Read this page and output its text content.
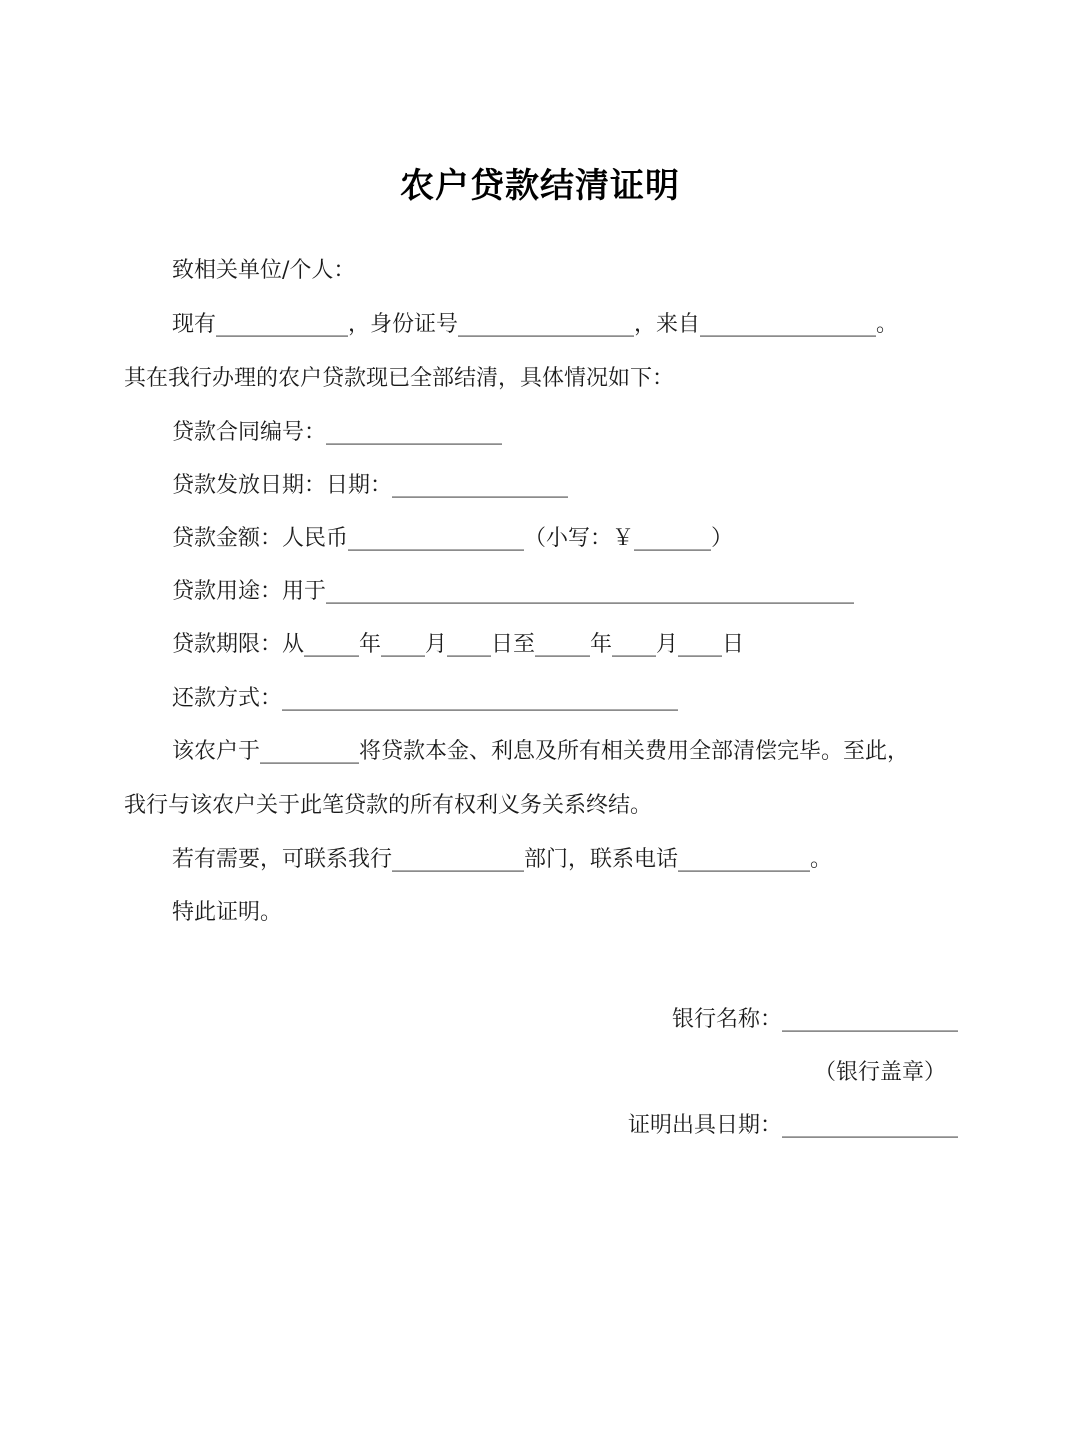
农户贷款结清证明
致相关单位/个人：
现有____________，身份证号________________，来自________________。
其在我行办理的农户贷款现已全部结清，具体情况如下：
贷款合同编号：________________
贷款发放日期：日期：________________
贷款金额：人民币________________（小写：￥_______）
贷款用途：用于________________________________________________
贷款期限：从_____年____月____日至_____年____月____日
还款方式：____________________________________
该农户于_________将贷款本金、利息及所有相关费用全部清偿完毕。至此，
我行与该农户关于此笔贷款的所有权利义务关系终结。
若有需要，可联系我行____________部门，联系电话____________。
特此证明。
银行名称：________________
（银行盖章）
证明出具日期：________________
